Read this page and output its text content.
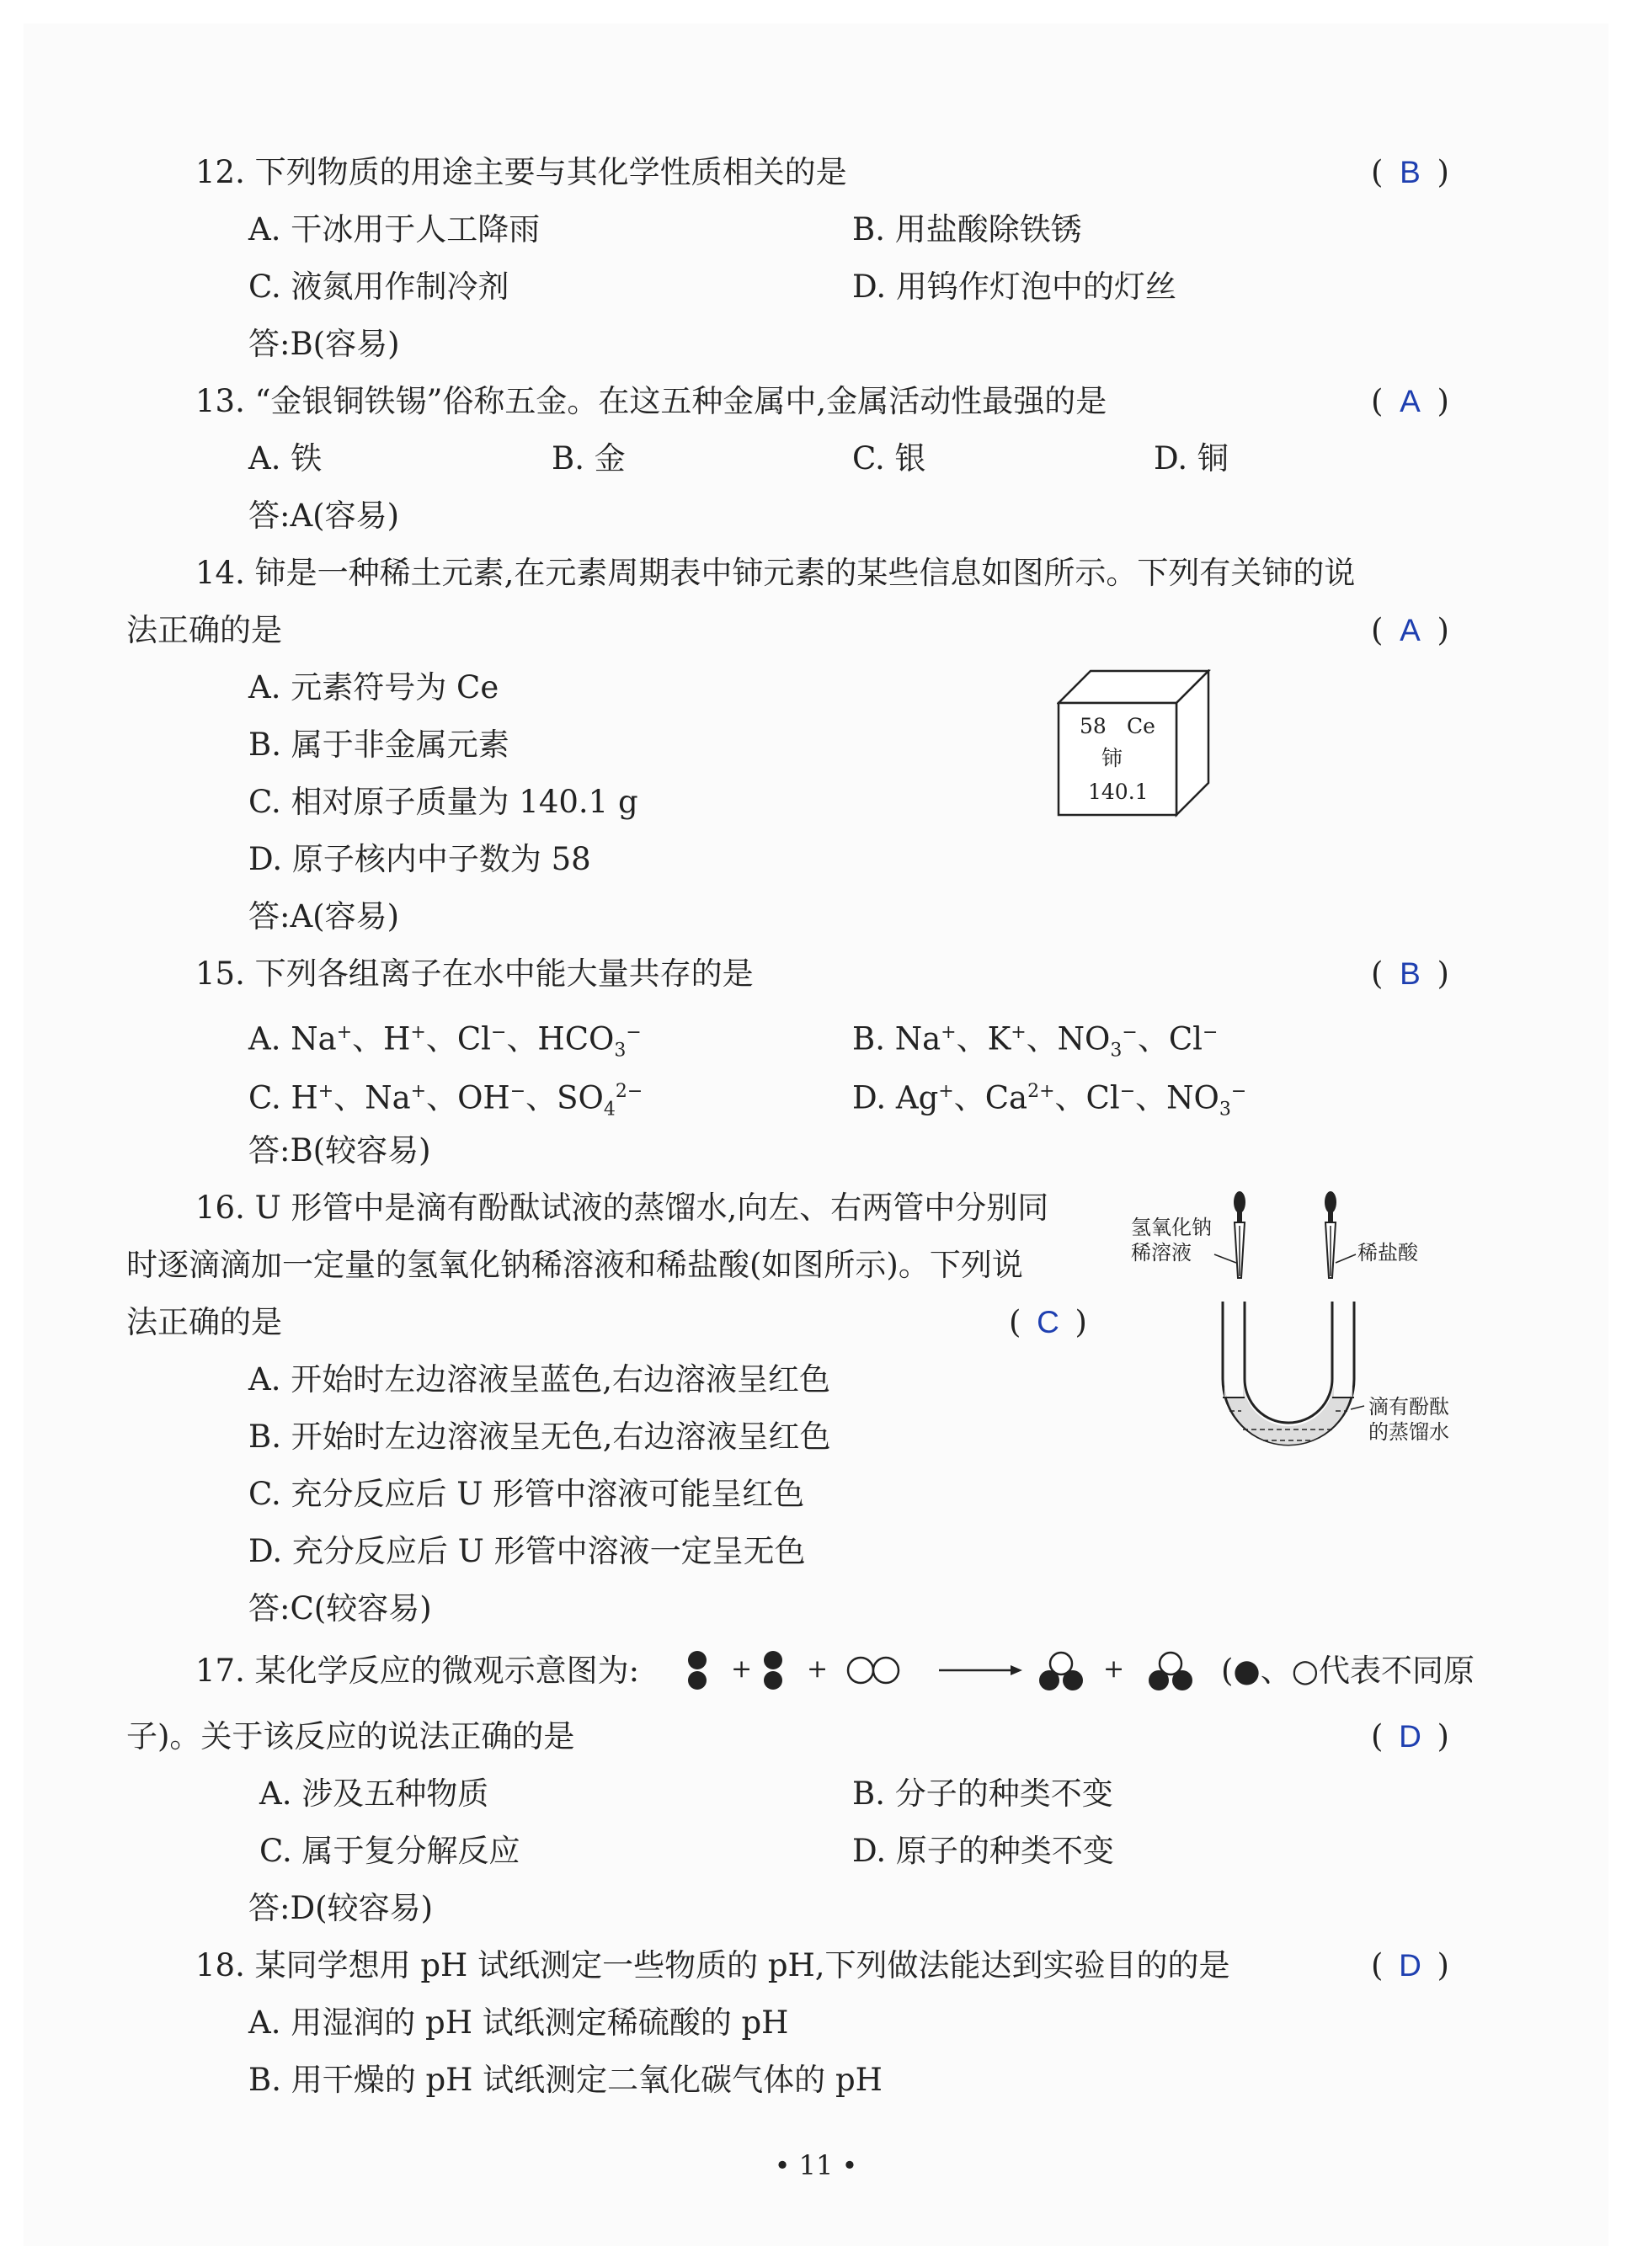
12. 下列物质的用途主要与其化学性质相关的是	( B )
A. 干冰用于人工降雨	B. 用盐酸除铁锈
C. 液氮用作制冷剂	D. 用钨作灯泡中的灯丝
答:B(容易)
13. “金银铜铁锡”俗称五金。在这五种金属中,金属活动性最强的是	( A )
A. 铁	B. 金	C. 银	D. 铜
答:A(容易)
14. 铈是一种稀土元素,在元素周期表中铈元素的某些信息如图所示。下列有关铈的说
法正确的是	( A )
A. 元素符号为 Ce
B. 属于非金属元素
C. 相对原子质量为 140.1 g
D. 原子核内中子数为 58
答:A(容易)
58 Ce
铈
140.1
15. 下列各组离子在水中能大量共存的是	( B )
A. Na+、H+、Cl−、$HCO_3^-$	B. Na+、K+、$NO_3^-$、Cl−
C. H+、Na+、OH−、$SO_4^{2-}$	D. Ag+、$Ca^{2+}$、Cl−、$NO_3^-$
答:B(较容易)
16. U 形管中是滴有酚酞试液的蒸馏水,向左、右两管中分别同
时逐滴滴加一定量的氢氧化钠稀溶液和稀盐酸(如图所示)。下列说
法正确的是	( C )
A. 开始时左边溶液呈蓝色,右边溶液呈红色
B. 开始时左边溶液呈无色,右边溶液呈红色
C. 充分反应后 U 形管中溶液可能呈红色
D. 充分反应后 U 形管中溶液一定呈无色
答:C(较容易)
氢氧化钠
稀溶液	稀盐酸
滴有酚酞
的蒸馏水
17. 某化学反应的微观示意图为:	+ +	+	(●、○代表不同原
子)。关于该反应的说法正确的是	( D )
A. 涉及五种物质	B. 分子的种类不变
C. 属于复分解反应	D. 原子的种类不变
答:D(较容易)
18. 某同学想用 pH 试纸测定一些物质的 pH,下列做法能达到实验目的的是	( D )
A. 用湿润的 pH 试纸测定稀硫酸的 pH
B. 用干燥的 pH 试纸测定二氧化碳气体的 pH
• 11 •
